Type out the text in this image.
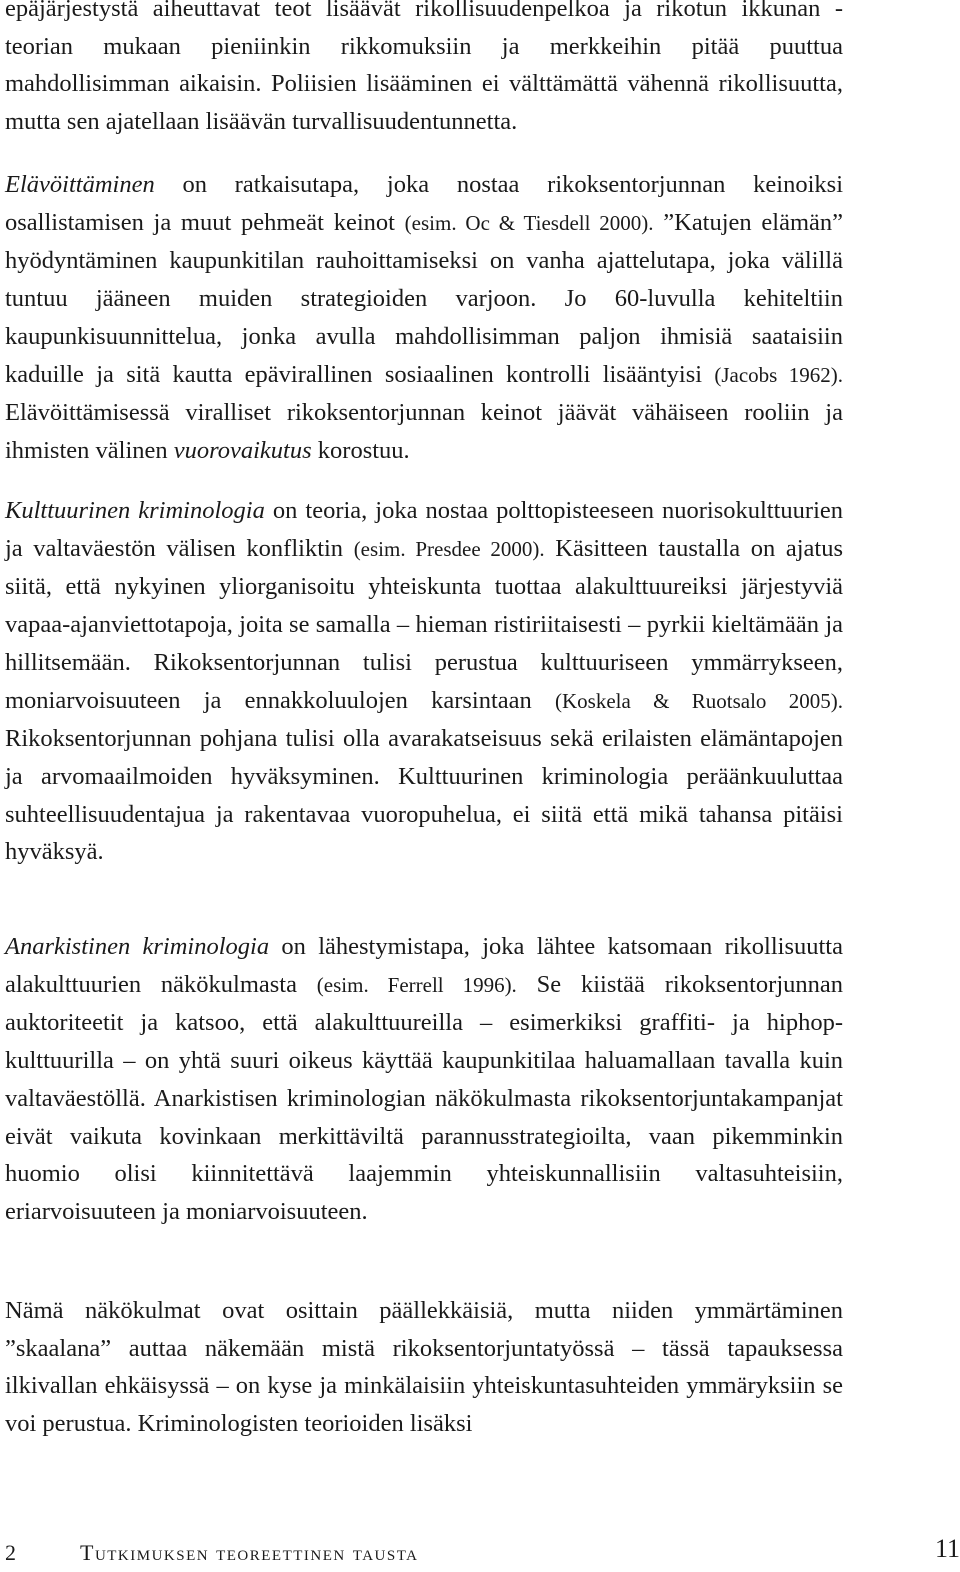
epäjärjestystä aiheuttavat teot lisäävät rikollisuudenpelkoa ja rikotun ikkunan -teorian mukaan pieniinkin rikkomuksiin ja merkkeihin pitää puuttua mahdollisimman aikaisin. Poliisien lisääminen ei välttämättä vähennä rikollisuutta, mutta sen ajatellaan lisäävän turvallisuudentunnetta.

Elävöittäminen on ratkaisutapa, joka nostaa rikoksentorjunnan keinoiksi osallistamisen ja muut pehmeät keinot (esim. Oc & Tiesdell 2000). ”Katujen elämän” hyödyntäminen kaupunkitilan rauhoittamiseksi on vanha ajattelutapa, joka välillä tuntuu jääneen muiden strategioiden varjoon. Jo 60-luvulla kehiteltiin kaupunkisuunnittelua, jonka avulla mahdollisimman paljon ihmisiä saataisiin kaduille ja sitä kautta epävirallinen sosiaalinen kontrolli lisääntyisi (Jacobs 1962). Elävöittämisessä viralliset rikoksentorjunnan keinot jäävät vähäiseen rooliin ja ihmisten välinen vuorovaikutus korostuu.

Kulttuurinen kriminologia on teoria, joka nostaa polttopisteeseen nuorisokulttuurien ja valtaväestön välisen konfliktin (esim. Presdee 2000). Käsitteen taustalla on ajatus siitä, että nykyinen yliorganisoitu yhteiskunta tuottaa alakulttuureiksi järjestyviä vapaa-ajanviettotapoja, joita se samalla – hieman ristiriitaisesti – pyrkii kieltämään ja hillitsemään. Rikoksentorjunnan tulisi perustua kulttuuriseen ymmärrykseen, moniarvoisuuteen ja ennakkoluulojen karsintaan (Koskela & Ruotsalo 2005). Rikoksentorjunnan pohjana tulisi olla avarakatseisuus sekä erilaisten elämäntapojen ja arvomaailmoiden hyväksyminen. Kulttuurinen kriminologia peräänkuuluttaa suhteellisuudentajua ja rakentavaa vuoropuhelua, ei siitä että mikä tahansa pitäisi hyväksyä.

Anarkistinen kriminologia on lähestymistapa, joka lähtee katsomaan rikollisuutta alakulttuurien näkökulmasta (esim. Ferrell 1996). Se kiistää rikoksentorjunnan auktoriteetit ja katsoo, että alakulttuureilla – esimerkiksi graffiti- ja hiphop-kulttuurilla – on yhtä suuri oikeus käyttää kaupunkitilaa haluamallaan tavalla kuin valtaväestöllä. Anarkistisen kriminologian näkökulmasta rikoksentorjuntakampanjat eivät vaikuta kovinkaan merkittäviltä parannusstrategioilta, vaan pikemminkin huomio olisi kiinnitettävä laajemmin yhteiskunnallisiin valtasuhteisiin, eriarvoisuuteen ja moniarvoisuuteen.

Nämä näkökulmat ovat osittain päällekkäisiä, mutta niiden ymmärtäminen ”skaalana” auttaa näkemään mistä rikoksentorjuntatyössä – tässä tapauksessa ilkivallan ehkäisyssä – on kyse ja minkälaisiin yhteiskuntasuhteiden ymmäryksiin se voi perustua. Kriminologisten teorioiden lisäksi

2	Tutkimuksen teoreettinen tausta	11
